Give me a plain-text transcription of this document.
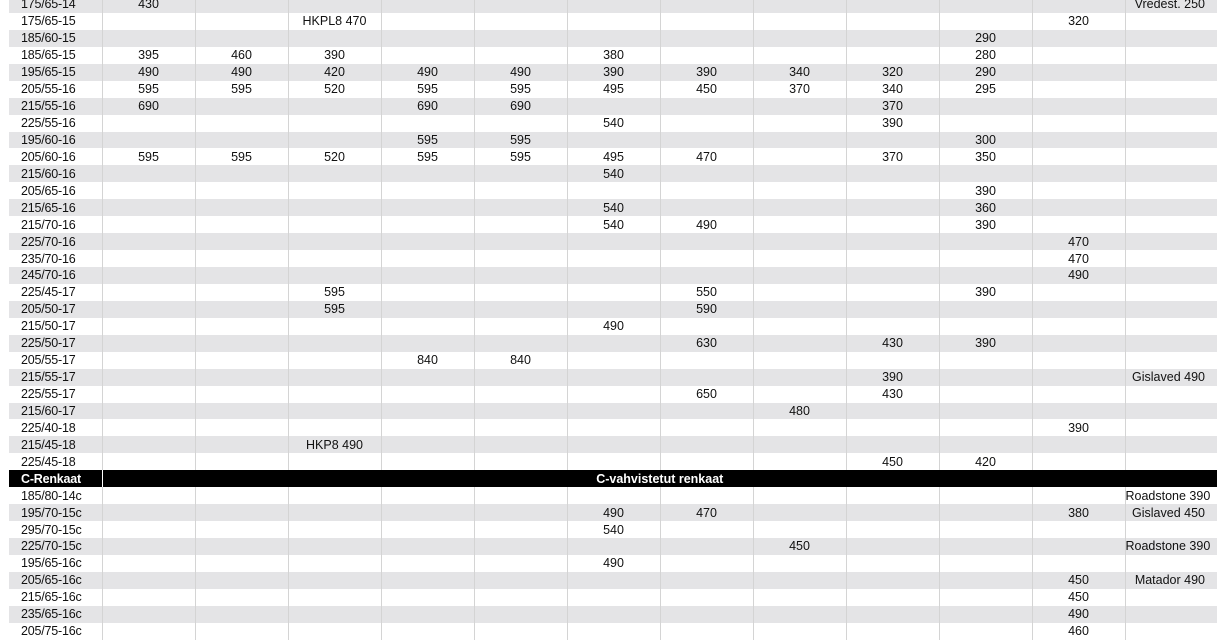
175/65-14	430											Vredest. 250
175/65-15			HKPL8 470								320	
185/60-15										290		
185/65-15	395	460	390			380				280		
195/65-15	490	490	420	490	490	390	390	340	320	290		
205/55-16	595	595	520	595	595	495	450	370	340	295		
215/55-16	690			690	690				370			
225/55-16						540			390			
195/60-16				595	595					300		
205/60-16	595	595	520	595	595	495	470		370	350		
215/60-16						540						
205/65-16										390		
215/65-16						540				360		
215/70-16						540	490			390		
225/70-16											470	
235/70-16											470	
245/70-16											490	
225/45-17			595				550			390		
205/50-17			595				590					
215/50-17						490						
225/50-17							630		430	390		
205/55-17				840	840							
215/55-17									390			Gislaved 490
225/55-17							650		430			
215/60-17								480				
225/40-18											390	
215/45-18			HKP8 490									
225/45-18									450	420		
C-Renkaat	C-vahvistetut renkaat											
185/80-14c												Roadstone 390
195/70-15c						490	470				380	Gislaved 450
295/70-15c						540						
225/70-15c								450				Roadstone 390
195/65-16c						490						
205/65-16c											450	Matador 490
215/65-16c											450	
235/65-16c											490	
205/75-16c											460	
